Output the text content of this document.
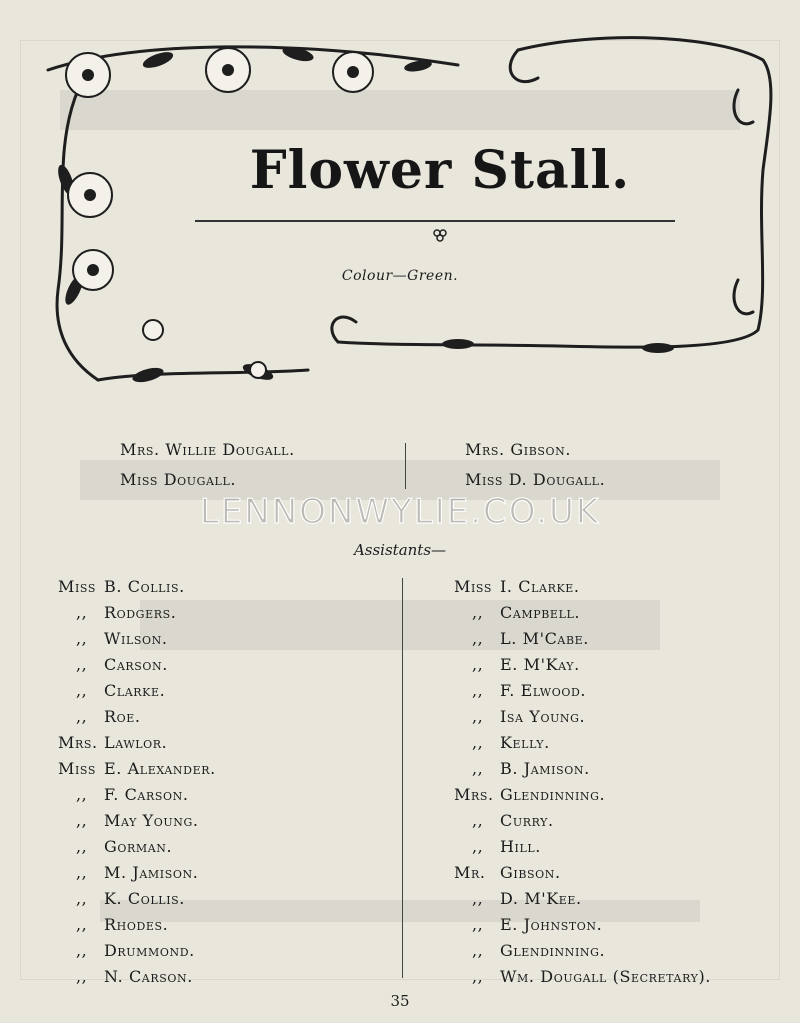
Flower Stall.
Colour—Green.
Mrs. Willie Dougall.
Miss Dougall.
Mrs. Gibson.
Miss D. Dougall.
LENNONWYLIE.CO.UK
Assistants—
Miss B. Collis.
,,	Rodgers.
,,	Wilson.
,,	Carson.
,,	Clarke.
,,	Roe.
Mrs. Lawlor.
Miss E. Alexander.
,,	F. Carson.
,,	May Young.
,,	Gorman.
,,	M. Jamison.
,,	K. Collis.
,,	Rhodes.
,,	Drummond.
,,	N. Carson.
Miss I. Clarke.
,,	Campbell.
,,	L. M'Cabe.
,,	E. M'Kay.
,,	F. Elwood.
,,	Isa Young.
,,	Kelly.
,,	B. Jamison.
Mrs. Glendinning.
,,	Curry.
,,	Hill.
Mr. Gibson.
,,	D. M'Kee.
,,	E. Johnston.
,,	Glendinning.
,,	Wm. Dougall (Secretary).
35
